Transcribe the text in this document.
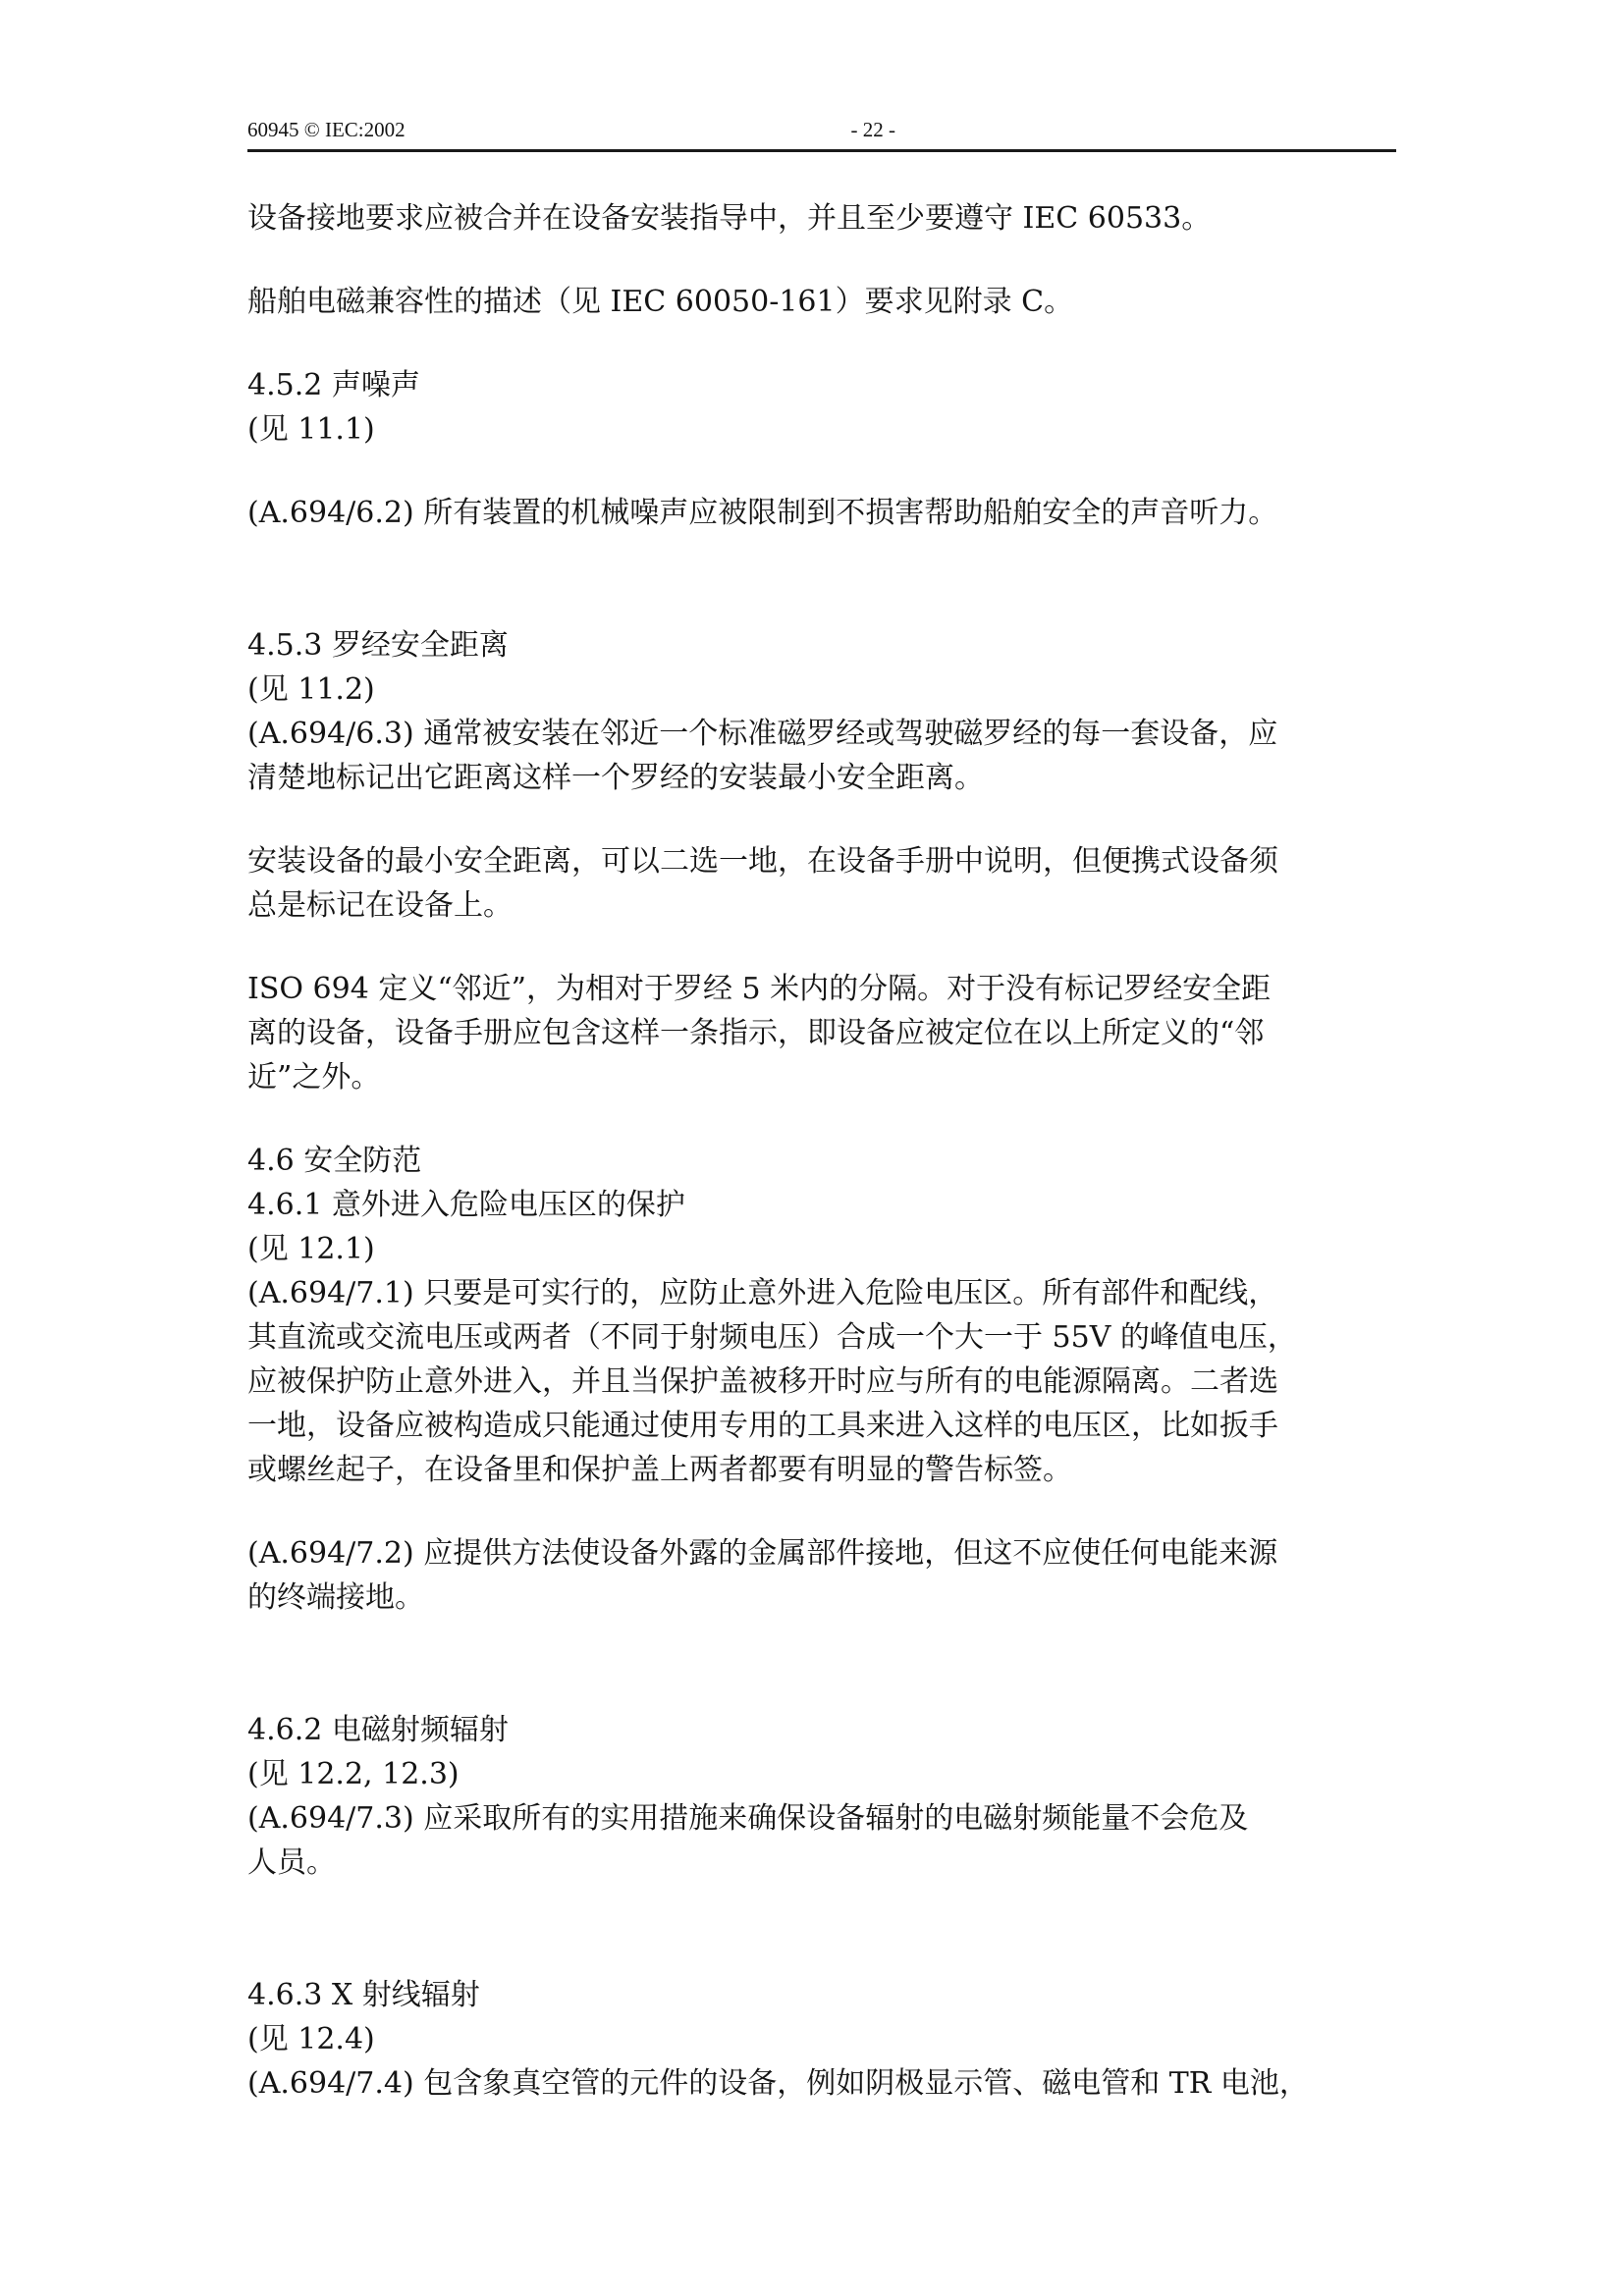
60945 © IEC:2002	- 22 -
设备接地要求应被合并在设备安装指导中，并且至少要遵守 IEC 60533。
船舶电磁兼容性的描述（见 IEC 60050-161）要求见附录 C。
4.5.2 声噪声
(见 11.1)
(A.694/6.2) 所有装置的机械噪声应被限制到不损害帮助船舶安全的声音听力。
4.5.3 罗经安全距离
(见 11.2)
(A.694/6.3) 通常被安装在邻近一个标准磁罗经或驾驶磁罗经的每一套设备，应
清楚地标记出它距离这样一个罗经的安装最小安全距离。
安装设备的最小安全距离，可以二选一地，在设备手册中说明，但便携式设备须
总是标记在设备上。
ISO 694 定义“邻近”，为相对于罗经 5 米内的分隔。对于没有标记罗经安全距
离的设备，设备手册应包含这样一条指示，即设备应被定位在以上所定义的“邻
近”之外。
4.6 安全防范
4.6.1 意外进入危险电压区的保护
(见 12.1)
(A.694/7.1) 只要是可实行的，应防止意外进入危险电压区。所有部件和配线，
其直流或交流电压或两者（不同于射频电压）合成一个大一于 55V 的峰值电压，
应被保护防止意外进入，并且当保护盖被移开时应与所有的电能源隔离。二者选
一地，设备应被构造成只能通过使用专用的工具来进入这样的电压区，比如扳手
或螺丝起子，在设备里和保护盖上两者都要有明显的警告标签。
(A.694/7.2) 应提供方法使设备外露的金属部件接地，但这不应使任何电能来源
的终端接地。
4.6.2 电磁射频辐射
(见 12.2, 12.3)
(A.694/7.3) 应采取所有的实用措施来确保设备辐射的电磁射频能量不会危及
人员。
4.6.3 X 射线辐射
(见 12.4)
(A.694/7.4) 包含象真空管的元件的设备，例如阴极显示管、磁电管和 TR 电池，
